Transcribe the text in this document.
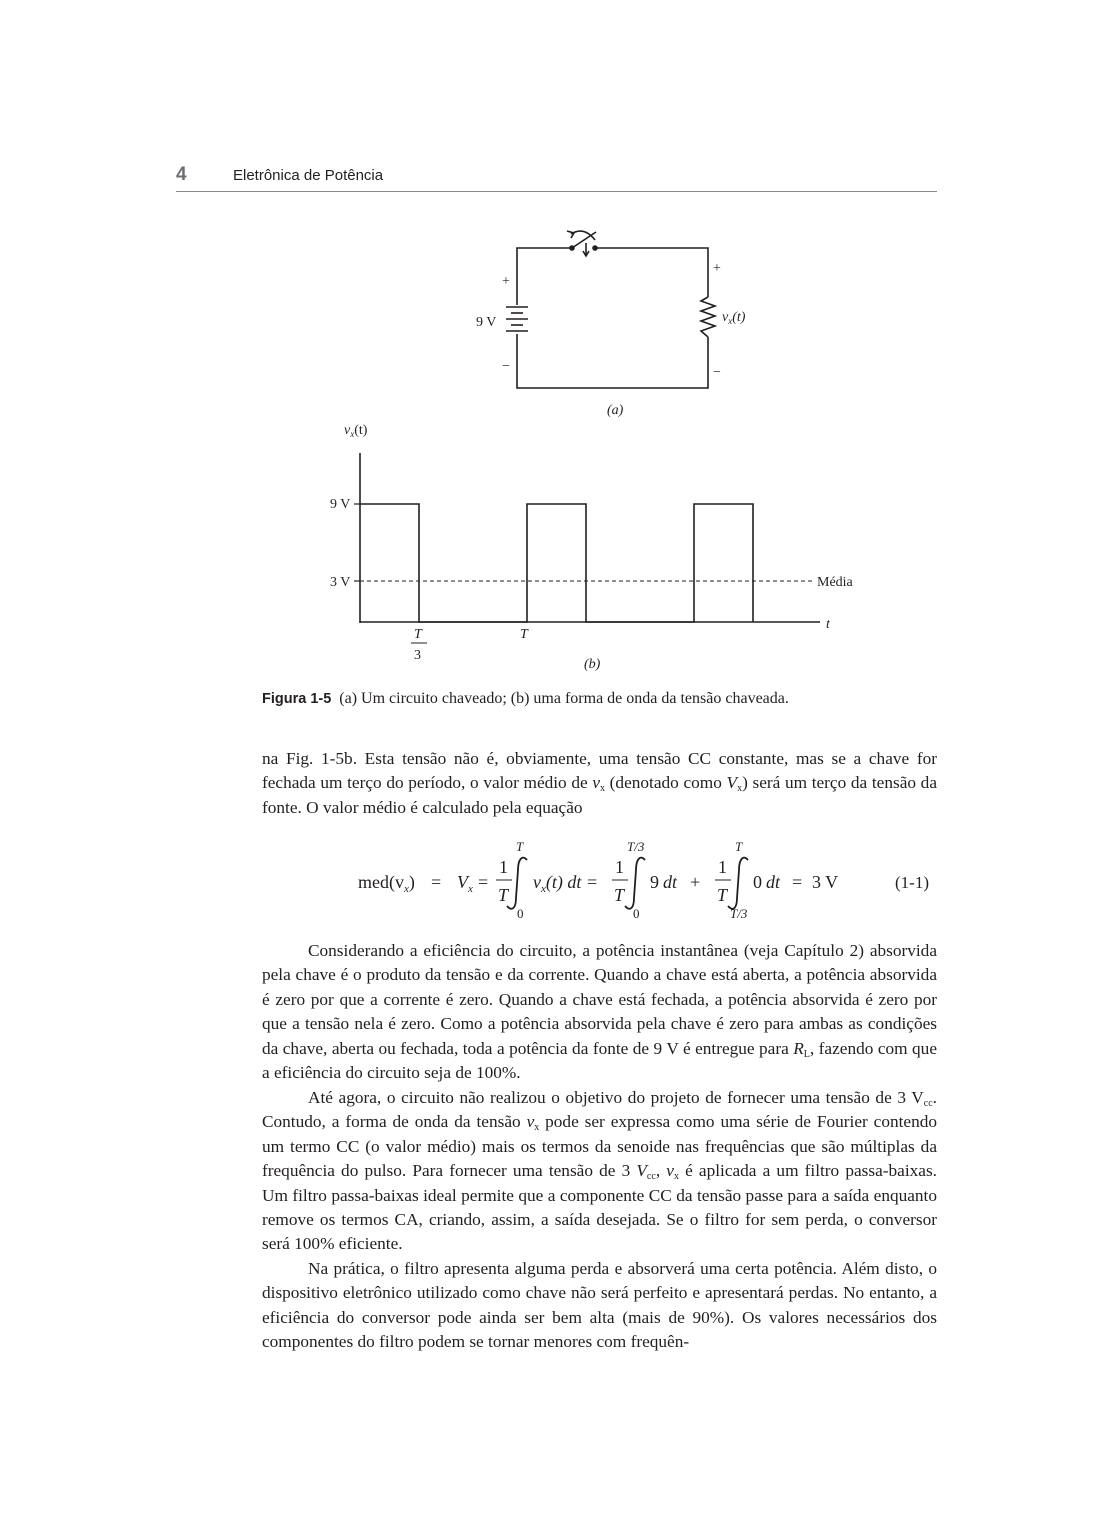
4	Eletrônica de Potência
+
−
9 V
+
−
$v_x(t)$
(a)
$v_x(t)$
9 V
3 V	Média
t
T
3
T
(b)
Figura 1-5 (a) Um circuito chaveado; (b) uma forma de onda da tensão chaveada.

na Fig. 1-5b. Esta tensão não é, obviamente, uma tensão CC constante, mas se a chave for fechada um terço do período, o valor médio de $v_x$ (denotado como $V_x$) será um terço da tensão da fonte. O valor médio é calculado pela equação

$med(v_x) = V_x$ =
1
T
T
0
$v_x(t)$ dt =
1
T
T/3
0
9 dt +
1
T
T
T/3
0 dt = 3 V	(1-1)

Considerando a eficiência do circuito, a potência instantânea (veja Capítulo 2) absorvida pela chave é o produto da tensão e da corrente. Quando a chave está aberta, a potência absorvida é zero por que a corrente é zero. Quando a chave está fechada, a potência absorvida é zero por que a tensão nela é zero. Como a potência absorvida pela chave é zero para ambas as condições da chave, aberta ou fechada, toda a potência da fonte de 9 V é entregue para $R_L$, fazendo com que a eficiência do circuito seja de 100%.

Até agora, o circuito não realizou o objetivo do projeto de fornecer uma tensão de 3 $V_{cc}$. Contudo, a forma de onda da tensão $v_x$ pode ser expressa como uma série de Fourier contendo um termo CC (o valor médio) mais os termos da senoide nas frequências que são múltiplas da frequência do pulso. Para fornecer uma tensão de 3 $V_{cc}$, $v_x$ é aplicada a um filtro passa-baixas. Um filtro passa-baixas ideal permite que a componente CC da tensão passe para a saída enquanto remove os termos CA, criando, assim, a saída desejada. Se o filtro for sem perda, o conversor será 100% eficiente.

Na prática, o filtro apresenta alguma perda e absorverá uma certa potência. Além disto, o dispositivo eletrônico utilizado como chave não será perfeito e apresentará perdas. No entanto, a eficiência do conversor pode ainda ser bem alta (mais de 90%). Os valores necessários dos componentes do filtro podem se tornar menores com frequên-
